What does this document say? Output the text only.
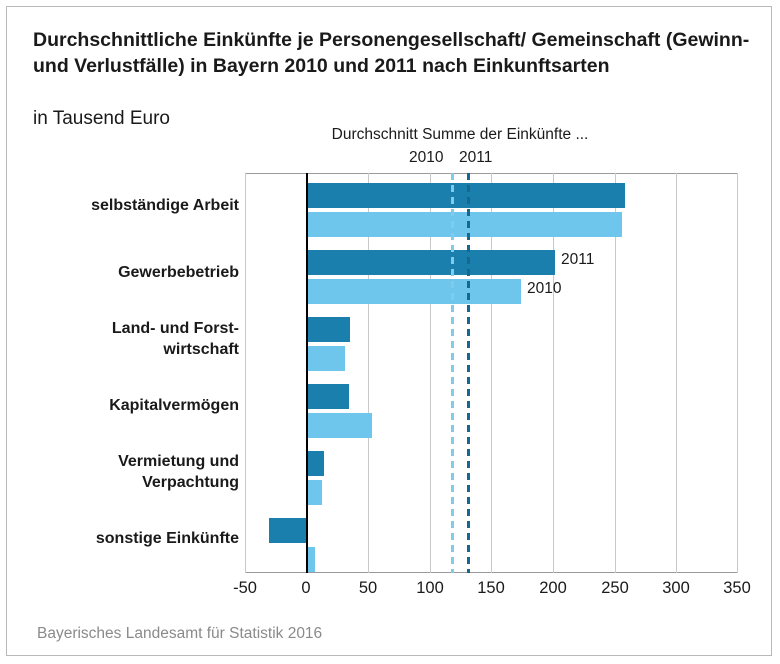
Durchschnittliche Einkünfte je Personengesellschaft/ Gemeinschaft (Gewinn- und Verlustfälle) in Bayern 2010 und 2011 nach Einkunftsarten
in Tausend Euro
Durchschnitt Summe der Einkünfte ...
2010 2011
selbständige Arbeit
Gewerbebetrieb
Land- und Forst-
wirtschaft
Kapitalvermögen
Vermietung und
Verpachtung
sonstige Einkünfte
2011
2010
-50	0	50 100 150 200 250 300 350
Bayerisches Landesamt für Statistik 2016
